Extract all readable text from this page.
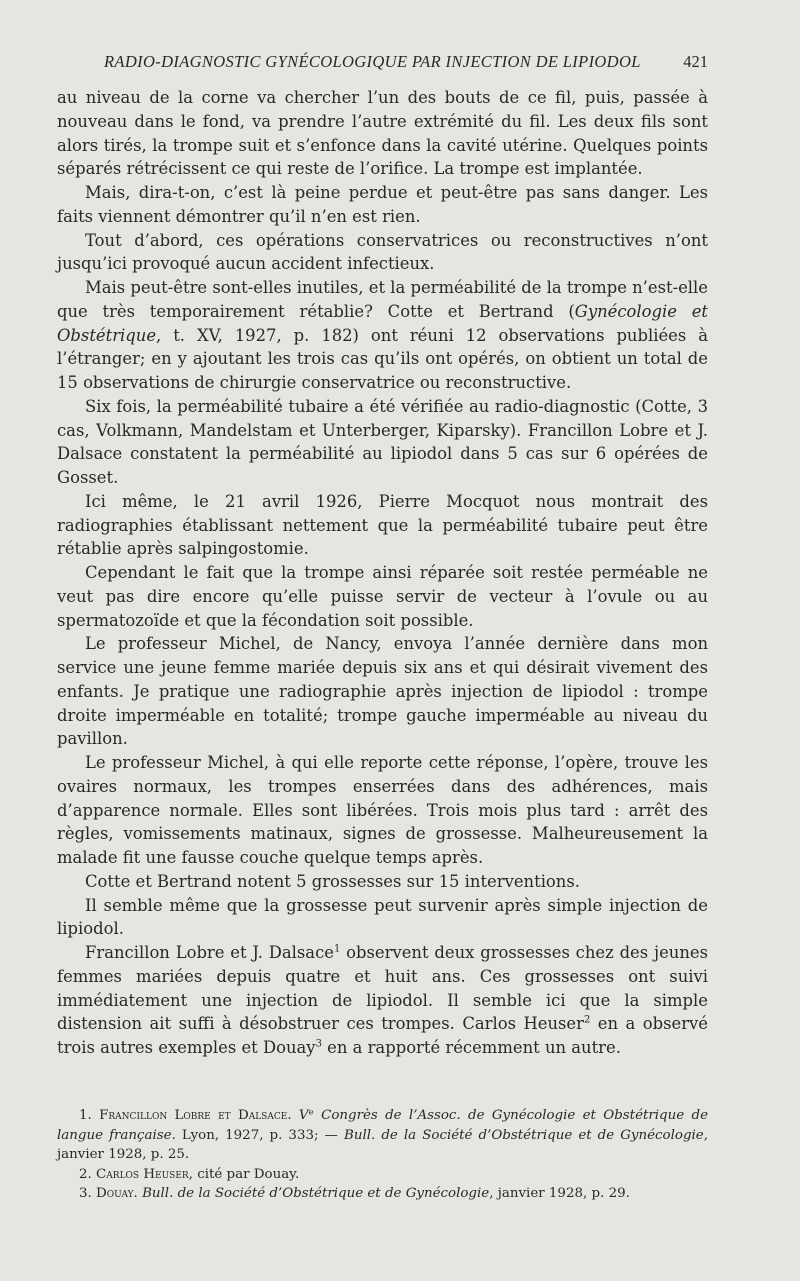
RADIO-DIAGNOSTIC GYNÉCOLOGIQUE PAR INJECTION DE LIPIODOL	421

au niveau de la corne va chercher l’un des bouts de ce fil, puis, passée à nouveau dans le fond, va prendre l’autre extrémité du fil. Les deux fils sont alors tirés, la trompe suit et s’enfonce dans la cavité utérine. Quelques points séparés rétrécissent ce qui reste de l’orifice. La trompe est implantée.

Mais, dira-t-on, c’est là peine perdue et peut-être pas sans danger. Les faits viennent démontrer qu’il n’en est rien.

Tout d’abord, ces opérations conservatrices ou reconstructives n’ont jusqu’ici provoqué aucun accident infectieux.

Mais peut-être sont-elles inutiles, et la perméabilité de la trompe n’est-elle que très temporairement rétablie? Cotte et Bertrand (Gynécologie et Obstétrique, t. XV, 1927, p. 182) ont réuni 12 observations publiées à l’étranger; en y ajoutant les trois cas qu’ils ont opérés, on obtient un total de 15 observations de chirurgie conservatrice ou reconstructive.

Six fois, la perméabilité tubaire a été vérifiée au radio-diagnostic (Cotte, 3 cas, Volkmann, Mandelstam et Unterberger, Kiparsky). Francillon Lobre et J. Dalsace constatent la perméabilité au lipiodol dans 5 cas sur 6 opérées de Gosset.

Ici même, le 21 avril 1926, Pierre Mocquot nous montrait des radiographies établissant nettement que la perméabilité tubaire peut être rétablie après salpingostomie.

Cependant le fait que la trompe ainsi réparée soit restée perméable ne veut pas dire encore qu’elle puisse servir de vecteur à l’ovule ou au spermatozoïde et que la fécondation soit possible.

Le professeur Michel, de Nancy, envoya l’année dernière dans mon service une jeune femme mariée depuis six ans et qui désirait vivement des enfants. Je pratique une radiographie après injection de lipiodol : trompe droite imperméable en totalité; trompe gauche imperméable au niveau du pavillon.

Le professeur Michel, à qui elle reporte cette réponse, l’opère, trouve les ovaires normaux, les trompes enserrées dans des adhérences, mais d’apparence normale. Elles sont libérées. Trois mois plus tard : arrêt des règles, vomissements matinaux, signes de grossesse. Malheureusement la malade fit une fausse couche quelque temps après.

Cotte et Bertrand notent 5 grossesses sur 15 interventions.

Il semble même que la grossesse peut survenir après simple injection de lipiodol.

Francillon Lobre et J. Dalsace$^1$ observent deux grossesses chez des jeunes femmes mariées depuis quatre et huit ans. Ces grossesses ont suivi immédiatement une injection de lipiodol. Il semble ici que la simple distension ait suffi à désobstruer ces trompes. Carlos Heuser$^2$ en a observé trois autres exemples et Douay$^3$ en a rapporté récemment un autre.

1. Francillon Lobre et Dalsace. Vᵉ Congrès de l’Assoc. de Gynécologie et Obstétrique de langue française. Lyon, 1927, p. 333; — Bull. de la Société d’Obstétrique et de Gynécologie, janvier 1928, p. 25.

2. Carlos Heuser, cité par Douay.

3. Douay. Bull. de la Société d’Obstétrique et de Gynécologie, janvier 1928, p. 29.
